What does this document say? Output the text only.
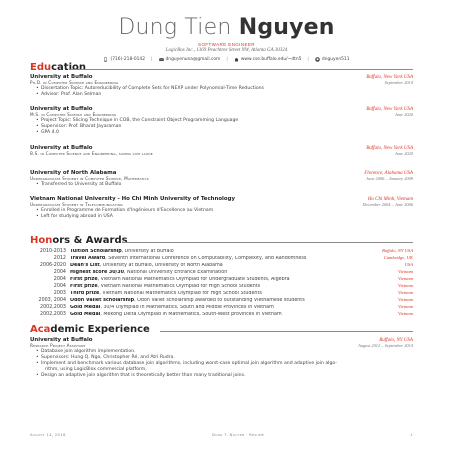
Dung Tien Nguyen
SOFTWARE ENGINEER
LogicBox Inc., 1369 Peachtree Street NW, Atlanta GA 30324
(716)-218-0142 |	dnguyenuna@gmail.com |	www.cse.buffalo.edu/~dtn5 |	dnguyen511
Education
University at Buffalo	Buffalo, New York USA
Ph.D. in Computer Science and Engineering	September 2014
• Dissertation Topic: Autoreducibility of Complete Sets for NEXP under Polynomial-Time Reductions
• Advisor: Prof. Alan Selman
University at Buffalo	Buffalo, New York USA
M.S. in Computer Science and Engineering	June 2020
• Project Topic: Slicing Technique in COB, the Constraint Object Programming Language
• Supervisor: Prof. Bharat Jayaraman
• GPA 4.0
University at Buffalo	Buffalo, New York USA
B.S. in Computer Science and Engineering, summa cum laude	June 2020
University of North Alabama	Florence, Alabama USA
Undergraduate Student in Computer Science, Mathematics	June 2006 – January 2009
• Transferred to University at Buffalo
Vietnam National University - Ho Chi Minh University of Technology	Ho Chi Minh, Vietnam
Undergraduate Student in Telecommunication	December 2004 – June 2006
• Enrolled in Programme de Formation d'Ingénieurs d'Excellence au Vietnam
• Left for studying abroad in USA
Honors & Awards
2010-2013 Tuition Scholarship, University at Buffalo	Buffalo, NY USA
2012 Travel Award, Seventh International Conference on Computability, Complexity, and Randomness	Cambridge, UK
2006-2020 Dean's List, University at Buffalo, University of North Alabama	USA
2004 Highest score 30/30, National University Entrance Examination	Vietnam
2004 First prize, Vietnam National Mathematics Olympiad for Undergraduate Students, Algebra	Vietnam
2004 First prize, Vietnam National Mathematics Olympiad for High School Students	Vietnam
2003 Third prize, Vietnam National Mathematics Olympiad for High School Students	Vietnam
2003, 2004 Odon Vallet scholarship, Odon Vallet scholarship awarded to outstanding Vietnamese students	Vietnam
2002,2003 Gold Medal, 30/4 Olympiad in Mathematics, South and Middle Provinces in Vietnam	Vietnam
2002,2003 Gold Medal, Mekong Delta Olympiad in Mathematics, South-West provinces in Vietnam	Vietnam
Academic Experience
University at Buffalo	Buffalo, NY USA
Research Project Assistant	August 2012 – September 2014
• Database join algorithm implementation.
• Supervisors: Hung Q. Ngo, Christopher Ré, and Atri Rudra.
• Implement and benchmark various database join algorithms, including worst-case optimal join algorithm and adaptive join algo-
rithm, using LogicBlox commercial platform.
• Design an adaptive join algorithm that is theoretically better than many traditional joins.
August 14, 2016	Dung T. Nguyen · Résumé	1
